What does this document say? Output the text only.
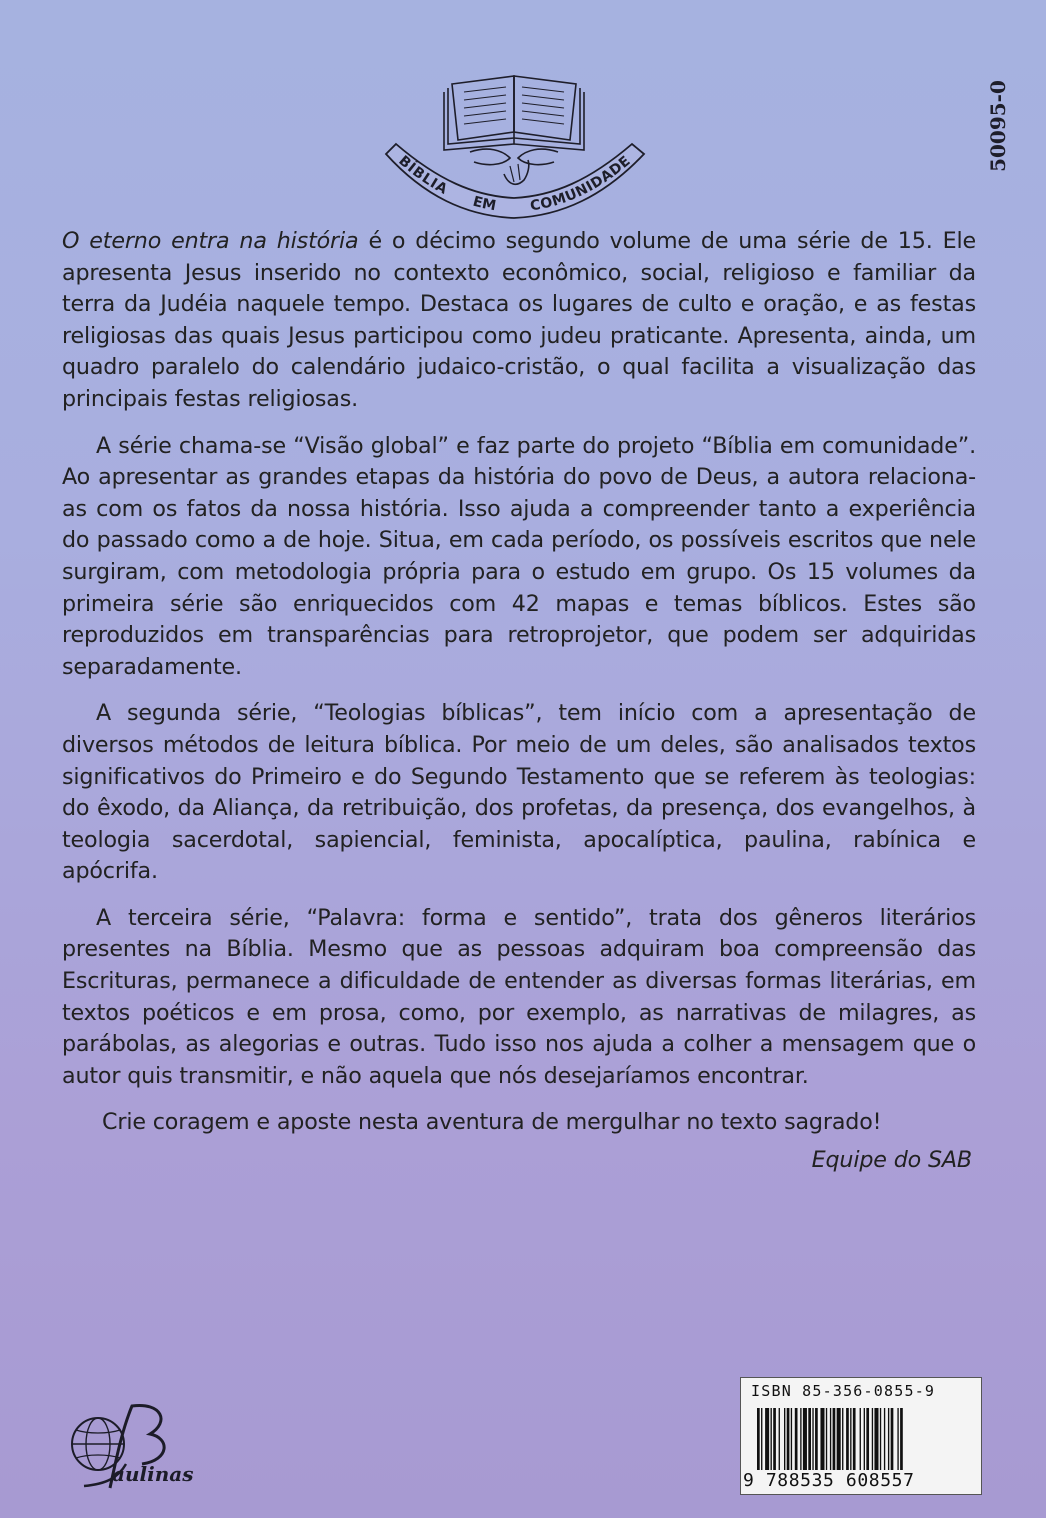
BÍBLIA
EM COMUNIDADE	50095-0

O eterno entra na história é o décimo segundo volume de uma série de 15. Ele apresenta Jesus inserido no contexto econômico, social, religioso e familiar da terra da Judéia naquele tempo. Destaca os lugares de culto e oração, e as festas religiosas das quais Jesus participou como judeu praticante. Apresenta, ainda, um quadro paralelo do calendário judaico-cristão, o qual facilita a visualização das principais festas religiosas.

A série chama-se “Visão global” e faz parte do projeto “Bíblia em comunidade”. Ao apresentar as grandes etapas da história do povo de Deus, a autora relaciona-as com os fatos da nossa história. Isso ajuda a compreender tanto a experiência do passado como a de hoje. Situa, em cada período, os possíveis escritos que nele surgiram, com metodologia própria para o estudo em grupo. Os 15 volumes da primeira série são enriquecidos com 42 mapas e temas bíblicos. Estes são reproduzidos em transparências para retroprojetor, que podem ser adquiridas separadamente.

A segunda série, “Teologias bíblicas”, tem início com a apresentação de diversos métodos de leitura bíblica. Por meio de um deles, são analisados textos significativos do Primeiro e do Segundo Testamento que se referem às teologias: do êxodo, da Aliança, da retribuição, dos profetas, da presença, dos evangelhos, à teologia sacerdotal, sapiencial, feminista, apocalíptica, paulina, rabínica e apócrifa.

A terceira série, “Palavra: forma e sentido”, trata dos gêneros literários presentes na Bíblia. Mesmo que as pessoas adquiram boa compreensão das Escrituras, permanece a dificuldade de entender as diversas formas literárias, em textos poéticos e em prosa, como, por exemplo, as narrativas de milagres, as parábolas, as alegorias e outras. Tudo isso nos ajuda a colher a mensagem que o autor quis transmitir, e não aquela que nós desejaríamos encontrar.

Crie coragem e aposte nesta aventura de mergulhar no texto sagrado!

Equipe do SAB

aulinas
ISBN 85-356-0855-9
9 788535 608557
